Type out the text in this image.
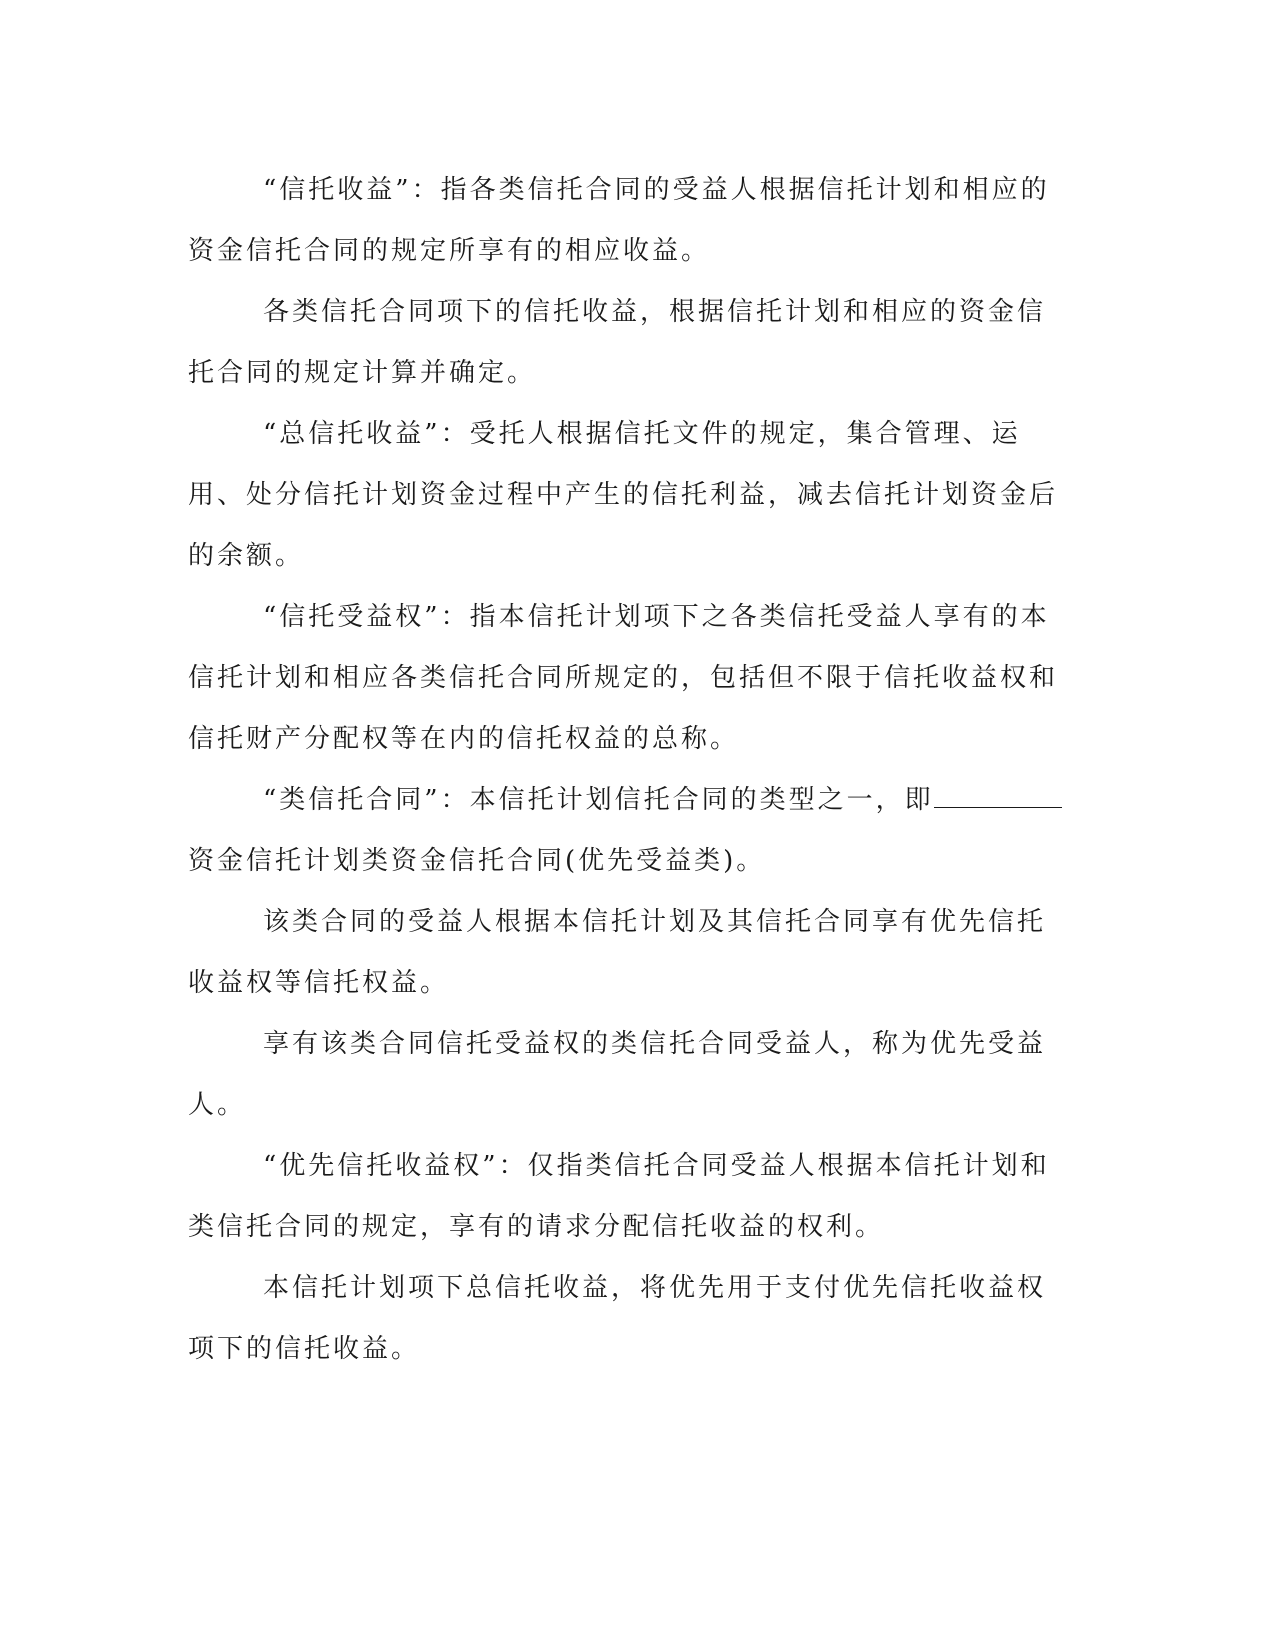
“信托收益”：指各类信托合同的受益人根据信托计划和相应的资金信托合同的规定所享有的相应收益。

各类信托合同项下的信托收益，根据信托计划和相应的资金信托合同的规定计算并确定。

“总信托收益”：受托人根据信托文件的规定，集合管理、运用、处分信托计划资金过程中产生的信托利益，减去信托计划资金后的余额。

“信托受益权”：指本信托计划项下之各类信托受益人享有的本信托计划和相应各类信托合同所规定的，包括但不限于信托收益权和信托财产分配权等在内的信托权益的总称。

“类信托合同”：本信托计划信托合同的类型之一，即资金信托计划类资金信托合同(优先受益类)。

该类合同的受益人根据本信托计划及其信托合同享有优先信托收益权等信托权益。

享有该类合同信托受益权的类信托合同受益人，称为优先受益人。

“优先信托收益权”：仅指类信托合同受益人根据本信托计划和类信托合同的规定，享有的请求分配信托收益的权利。

本信托计划项下总信托收益，将优先用于支付优先信托收益权项下的信托收益。
